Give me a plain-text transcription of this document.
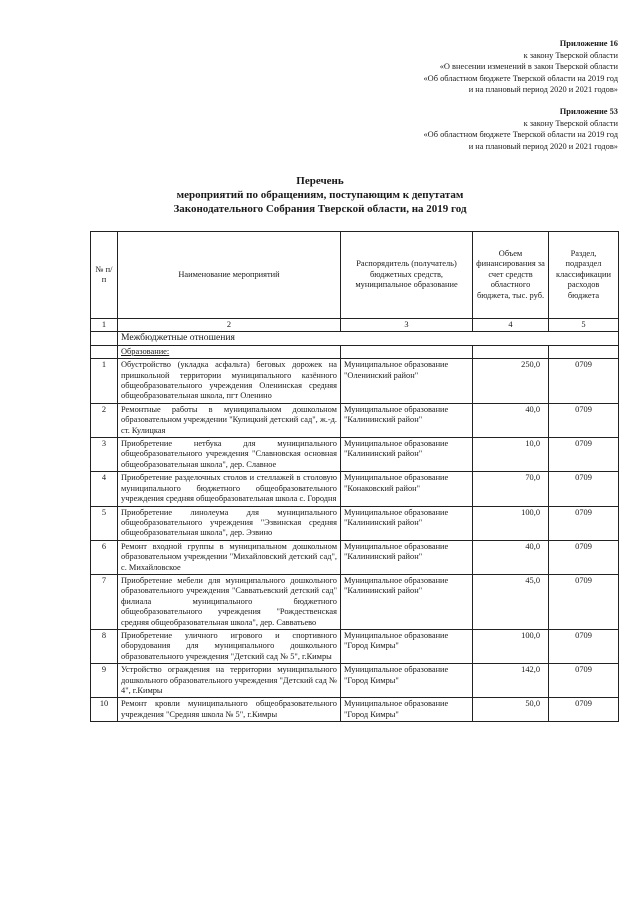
Приложение 16
к закону Тверской области
«О внесении изменений в закон Тверской области
«Об областном бюджете Тверской области на 2019 год
и на плановый период 2020 и 2021 годов»
Приложение 53
к закону Тверской области
«Об областном бюджете Тверской области на 2019 год
и на плановый период 2020 и 2021 годов»
Перечень
мероприятий по обращениям, поступающим к депутатам
Законодательного Собрания Тверской области, на 2019 год
№ п/п	Наименование мероприятий	Распорядитель (получатель) бюджетных средств, муниципальное образование	Объем финансирования за счет средств областного бюджета, тыс. руб.	Раздел, подраздел классификации расходов бюджета
1	2	3	4	5
	Межбюджетные отношения			
	Образование:			
1	Обустройство (укладка асфальта) беговых дорожек на пришкольной территории муниципального казённого общеобразовательного учреждения Оленинская средняя общеобразовательная школа, пгт Оленино	Муниципальное образование "Оленинский район"	250,0	0709
2	Ремонтные работы в муниципальном дошкольном образовательном учреждении "Кулицкий детский сад", ж.-д. ст. Кулицкая	Муниципальное образование "Калининский район"	40,0	0709
3	Приобретение нетбука для муниципального общеобразовательного учреждения "Славновская основная общеобразовательная школа", дер. Славное	Муниципальное образование "Калининский район"	10,0	0709
4	Приобретение разделочных столов и стеллажей в столовую муниципального бюджетного общеобразовательного учреждения средняя общеобразовательная школа с. Городня	Муниципальное образование "Конаковский район"	70,0	0709
5	Приобретение линолеума для муниципального общеобразовательного учреждения "Эзвинская средняя общеобразовательная школа", дер. Эзвино	Муниципальное образование "Калининский район"	100,0	0709
6	Ремонт входной группы в муниципальном дошкольном образовательном учреждении "Михайловский детский сад", с. Михайловское	Муниципальное образование "Калининский район"	40,0	0709
7	Приобретение мебели для муниципального дошкольного образовательного учреждения "Савватьевский детский сад" филиала муниципального бюджетного общеобразовательного учреждения "Рождественская средняя общеобразовательная школа", дер. Савватьево	Муниципальное образование "Калининский район"	45,0	0709
8	Приобретение уличного игрового и спортивного оборудования для муниципального дошкольного образовательного учреждения "Детский сад № 5", г.Кимры	Муниципальное образование "Город Кимры"	100,0	0709
9	Устройство ограждения на территории муниципального дошкольного образовательного учреждения "Детский сад № 4", г.Кимры	Муниципальное образование "Город Кимры"	142,0	0709
10	Ремонт кровли муниципального общеобразовательного учреждения "Средняя школа № 5", г.Кимры	Муниципальное образование "Город Кимры"	50,0	0709
